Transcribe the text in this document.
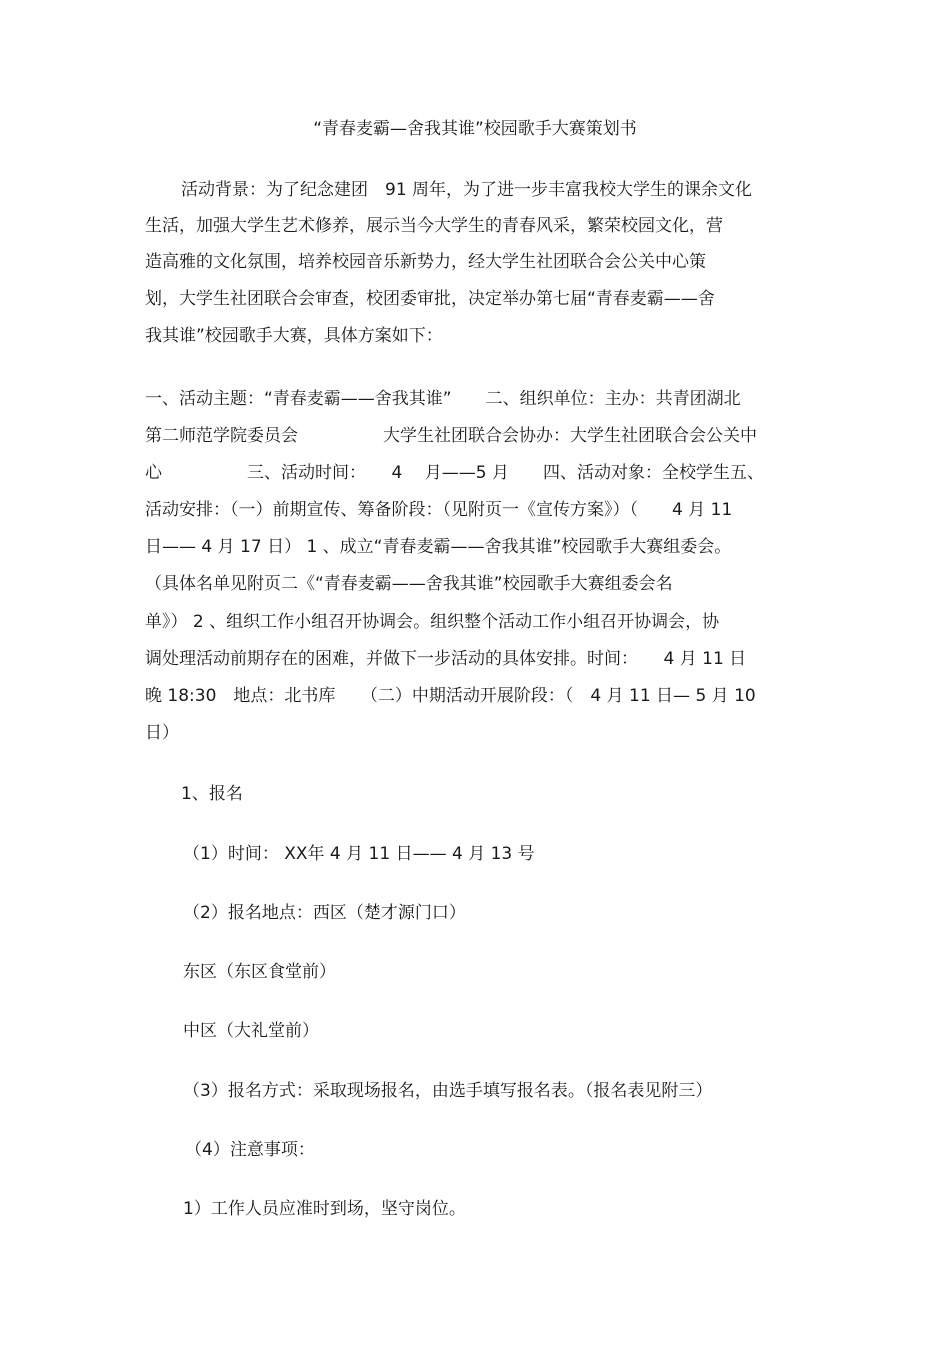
“青春麦霸—舍我其谁”校园歌手大赛策划书
活动背景：为了纪念建团　91 周年，为了进一步丰富我校大学生的课余文化
生活，加强大学生艺术修养，展示当今大学生的青春风采，繁荣校园文化，营
造高雅的文化氛围，培养校园音乐新势力，经大学生社团联合会公关中心策
划，大学生社团联合会审查，校团委审批，决定举办第七届“青春麦霸——舍
我其谁”校园歌手大赛，具体方案如下：
一、活动主题：“青春麦霸——舍我其谁”　　二、组织单位：主办：共青团湖北
第二师范学院委员会　　　　　大学生社团联合会协办：大学生社团联合会公关中
心　　　　　三、活动时间：　　4　 月——5 月　　四、活动对象：全校学生五、
活动安排：（一）前期宣传、筹备阶段：（见附页一《宣传方案》）（　　4 月 11
日—— 4 月 17 日） 1 、成立“青春麦霸——舍我其谁”校园歌手大赛组委会。
（具体名单见附页二《“青春麦霸——舍我其谁”校园歌手大赛组委会名
单》） 2 、组织工作小组召开协调会。组织整个活动工作小组召开协调会，协
调处理活动前期存在的困难，并做下一步活动的具体安排。时间：　　4 月 11 日
晚 18:30　地点：北书库　　（二）中期活动开展阶段：（　4 月 11 日— 5 月 10
日）
1、报名
（1）时间： XX年 4 月 11 日—— 4 月 13 号
（2）报名地点：西区（楚才源门口）
东区（东区食堂前）
中区（大礼堂前）
（3）报名方式：采取现场报名，由选手填写报名表。（报名表见附三）
（4）注意事项：
1）工作人员应准时到场，坚守岗位。
